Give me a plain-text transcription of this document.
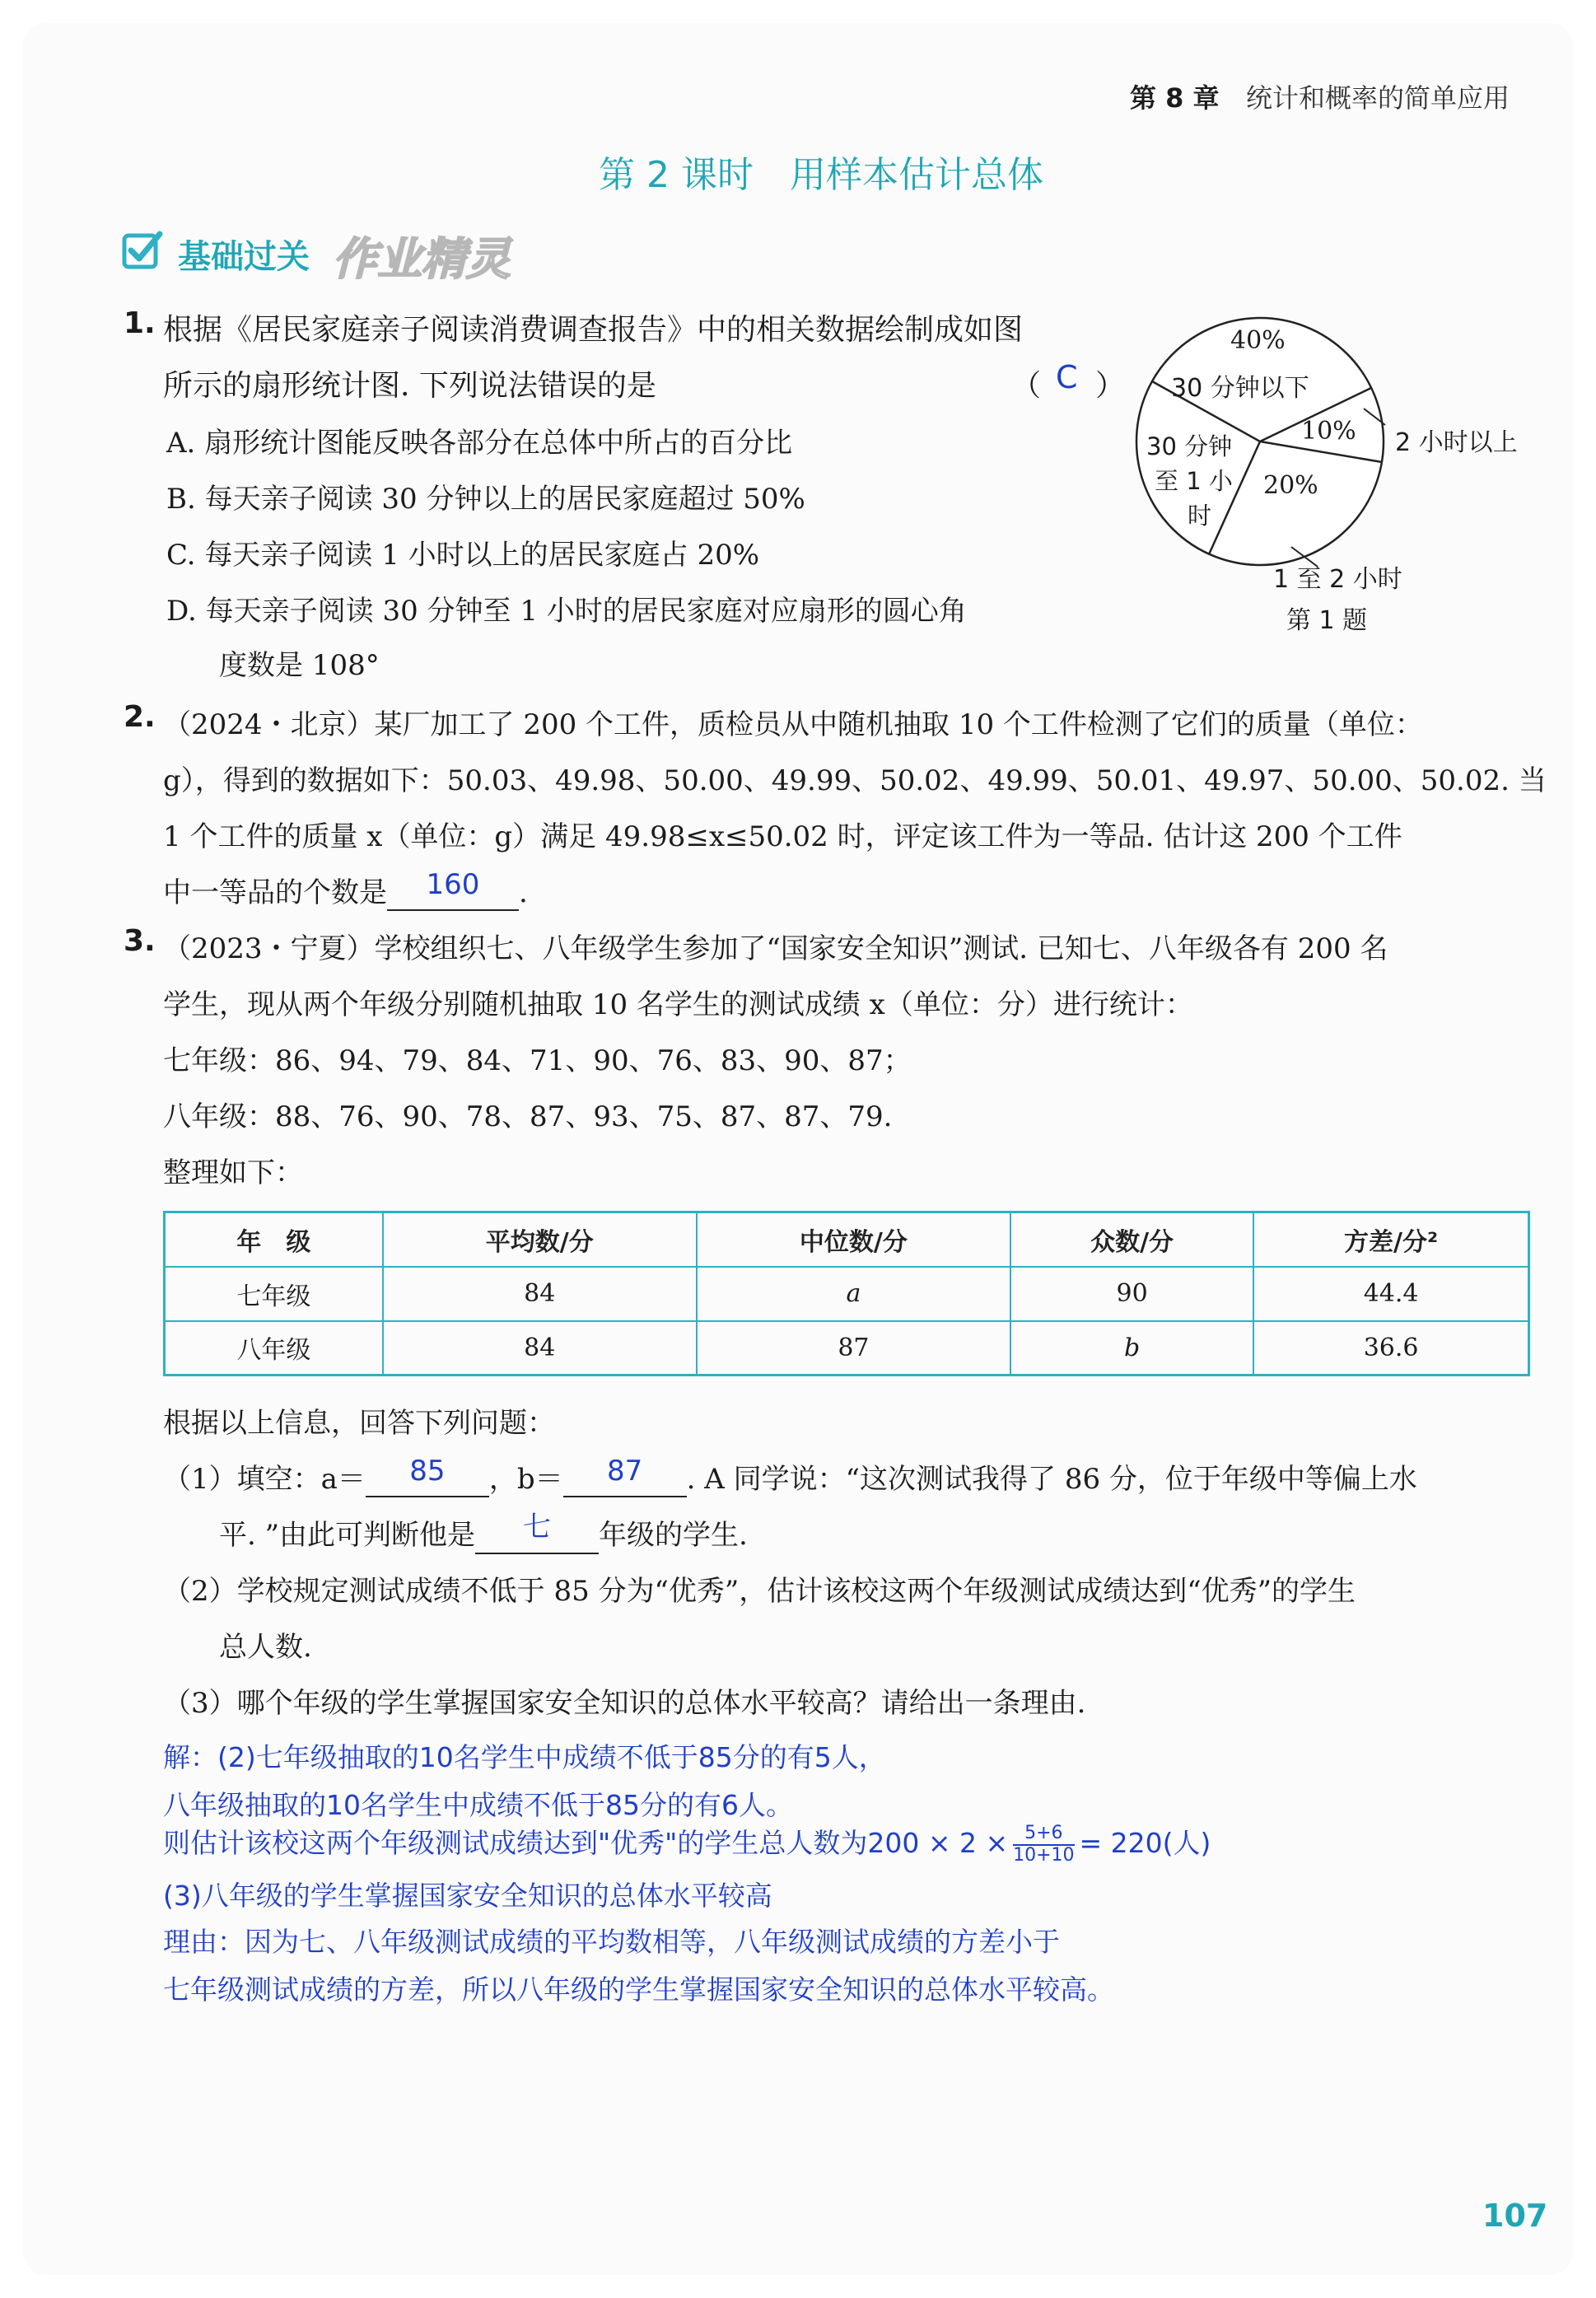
第 8 章 统计和概率的简单应用
第 2 课时　用样本估计总体
基础过关 作业精灵
1. 根据《居民家庭亲子阅读消费调查报告》中的相关数据绘制成如图
所示的扇形统计图. 下列说法错误的是	（ C ）
A. 扇形统计图能反映各部分在总体中所占的百分比
B. 每天亲子阅读 30 分钟以上的居民家庭超过 50%
C. 每天亲子阅读 1 小时以上的居民家庭占 20%
D. 每天亲子阅读 30 分钟至 1 小时的居民家庭对应扇形的圆心角
度数是 108°
40%
30 分钟以下
10%
20%
30 分钟
至 1 小
时
2 小时以上
1 至 2 小时
第 1 题
2. （2024・北京）某厂加工了 200 个工件，质检员从中随机抽取 10 个工件检测了它们的质量（单位：
g），得到的数据如下：50.03、49.98、50.00、49.99、50.02、49.99、50.01、49.97、50.00、50.02. 当
1 个工件的质量 x（单位：g）满足 49.98≤x≤50.02 时，评定该工件为一等品. 估计这 200 个工件
中一等品的个数是 160 .
3. （2023・宁夏）学校组织七、八年级学生参加了“国家安全知识”测试. 已知七、八年级各有 200 名
学生，现从两个年级分别随机抽取 10 名学生的测试成绩 x（单位：分）进行统计：
七年级：86、94、79、84、71、90、76、83、90、87；
八年级：88、76、90、78、87、93、75、87、87、79.
整理如下：
年　级	平均数/分	中位数/分	众数/分	方差/分²
七年级	84	a	90	44.4
八年级	84	87	b	36.6
根据以上信息，回答下列问题：
（1）填空：a＝ 85 ，b＝ 87 . A 同学说：“这次测试我得了 86 分，位于年级中等偏上水
平. ”由此可判断他是 七 年级的学生.
（2）学校规定测试成绩不低于 85 分为“优秀”，估计该校这两个年级测试成绩达到“优秀”的学生
总人数.
（3）哪个年级的学生掌握国家安全知识的总体水平较高？请给出一条理由.
解：(2)七年级抽取的10名学生中成绩不低于85分的有5人，
八年级抽取的10名学生中成绩不低于85分的有6人。
则估计该校这两个年级测试成绩达到"优秀"的学生总人数为$200 \times 2 \times \frac{5+6}{10+10} = 220$(人)
(3)八年级的学生掌握国家安全知识的总体水平较高
理由：因为七、八年级测试成绩的平均数相等，八年级测试成绩的方差小于
七年级测试成绩的方差，所以八年级的学生掌握国家安全知识的总体水平较高。
107
